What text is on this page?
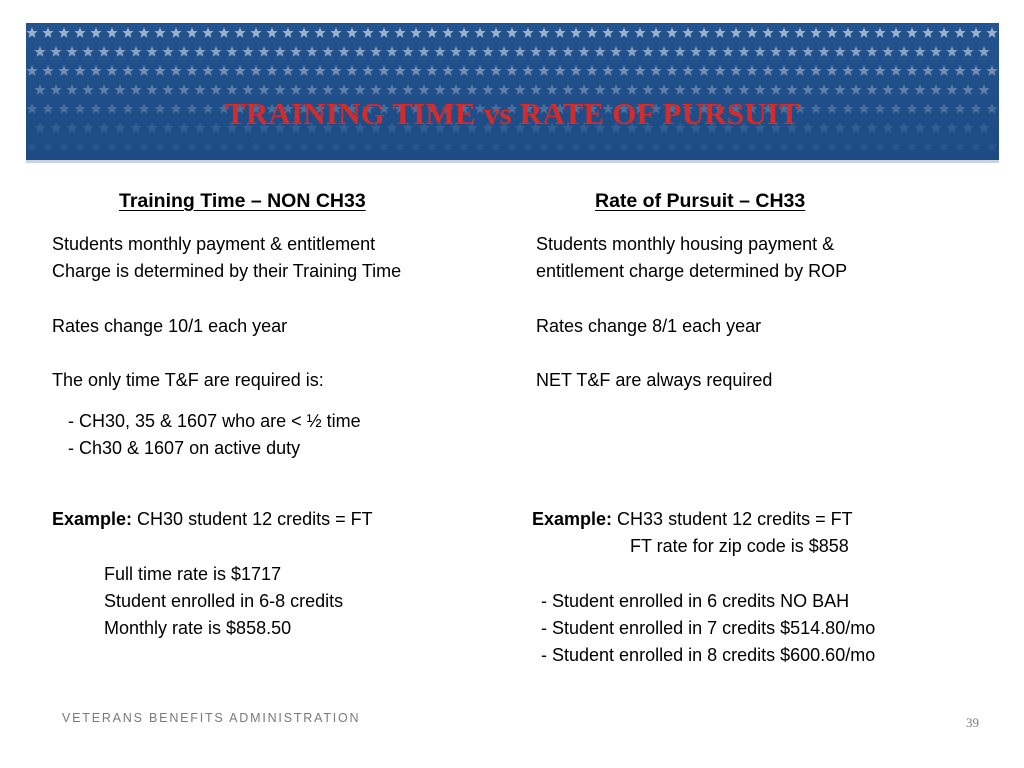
TRAINING TIME vs RATE OF PURSUIT
Training Time – NON CH33
Students monthly payment & entitlement
Charge is determined by their Training Time
Rates change 10/1 each year
The only time T&F are required is:
- CH30, 35 & 1607 who are < ½ time
- Ch30 & 1607 on active duty
Example: CH30 student 12 credits = FT
Full time rate is $1717
Student enrolled in 6-8 credits
Monthly rate is $858.50
Rate of Pursuit – CH33
Students monthly housing payment &
entitlement charge determined by ROP
Rates change 8/1 each year
NET T&F are always required
Example: CH33 student 12 credits = FT
FT rate for zip code is $858
- Student enrolled in 6 credits NO BAH
- Student enrolled in 7 credits $514.80/mo
- Student enrolled in 8 credits $600.60/mo
VETERANS BENEFITS ADMINISTRATION	39
